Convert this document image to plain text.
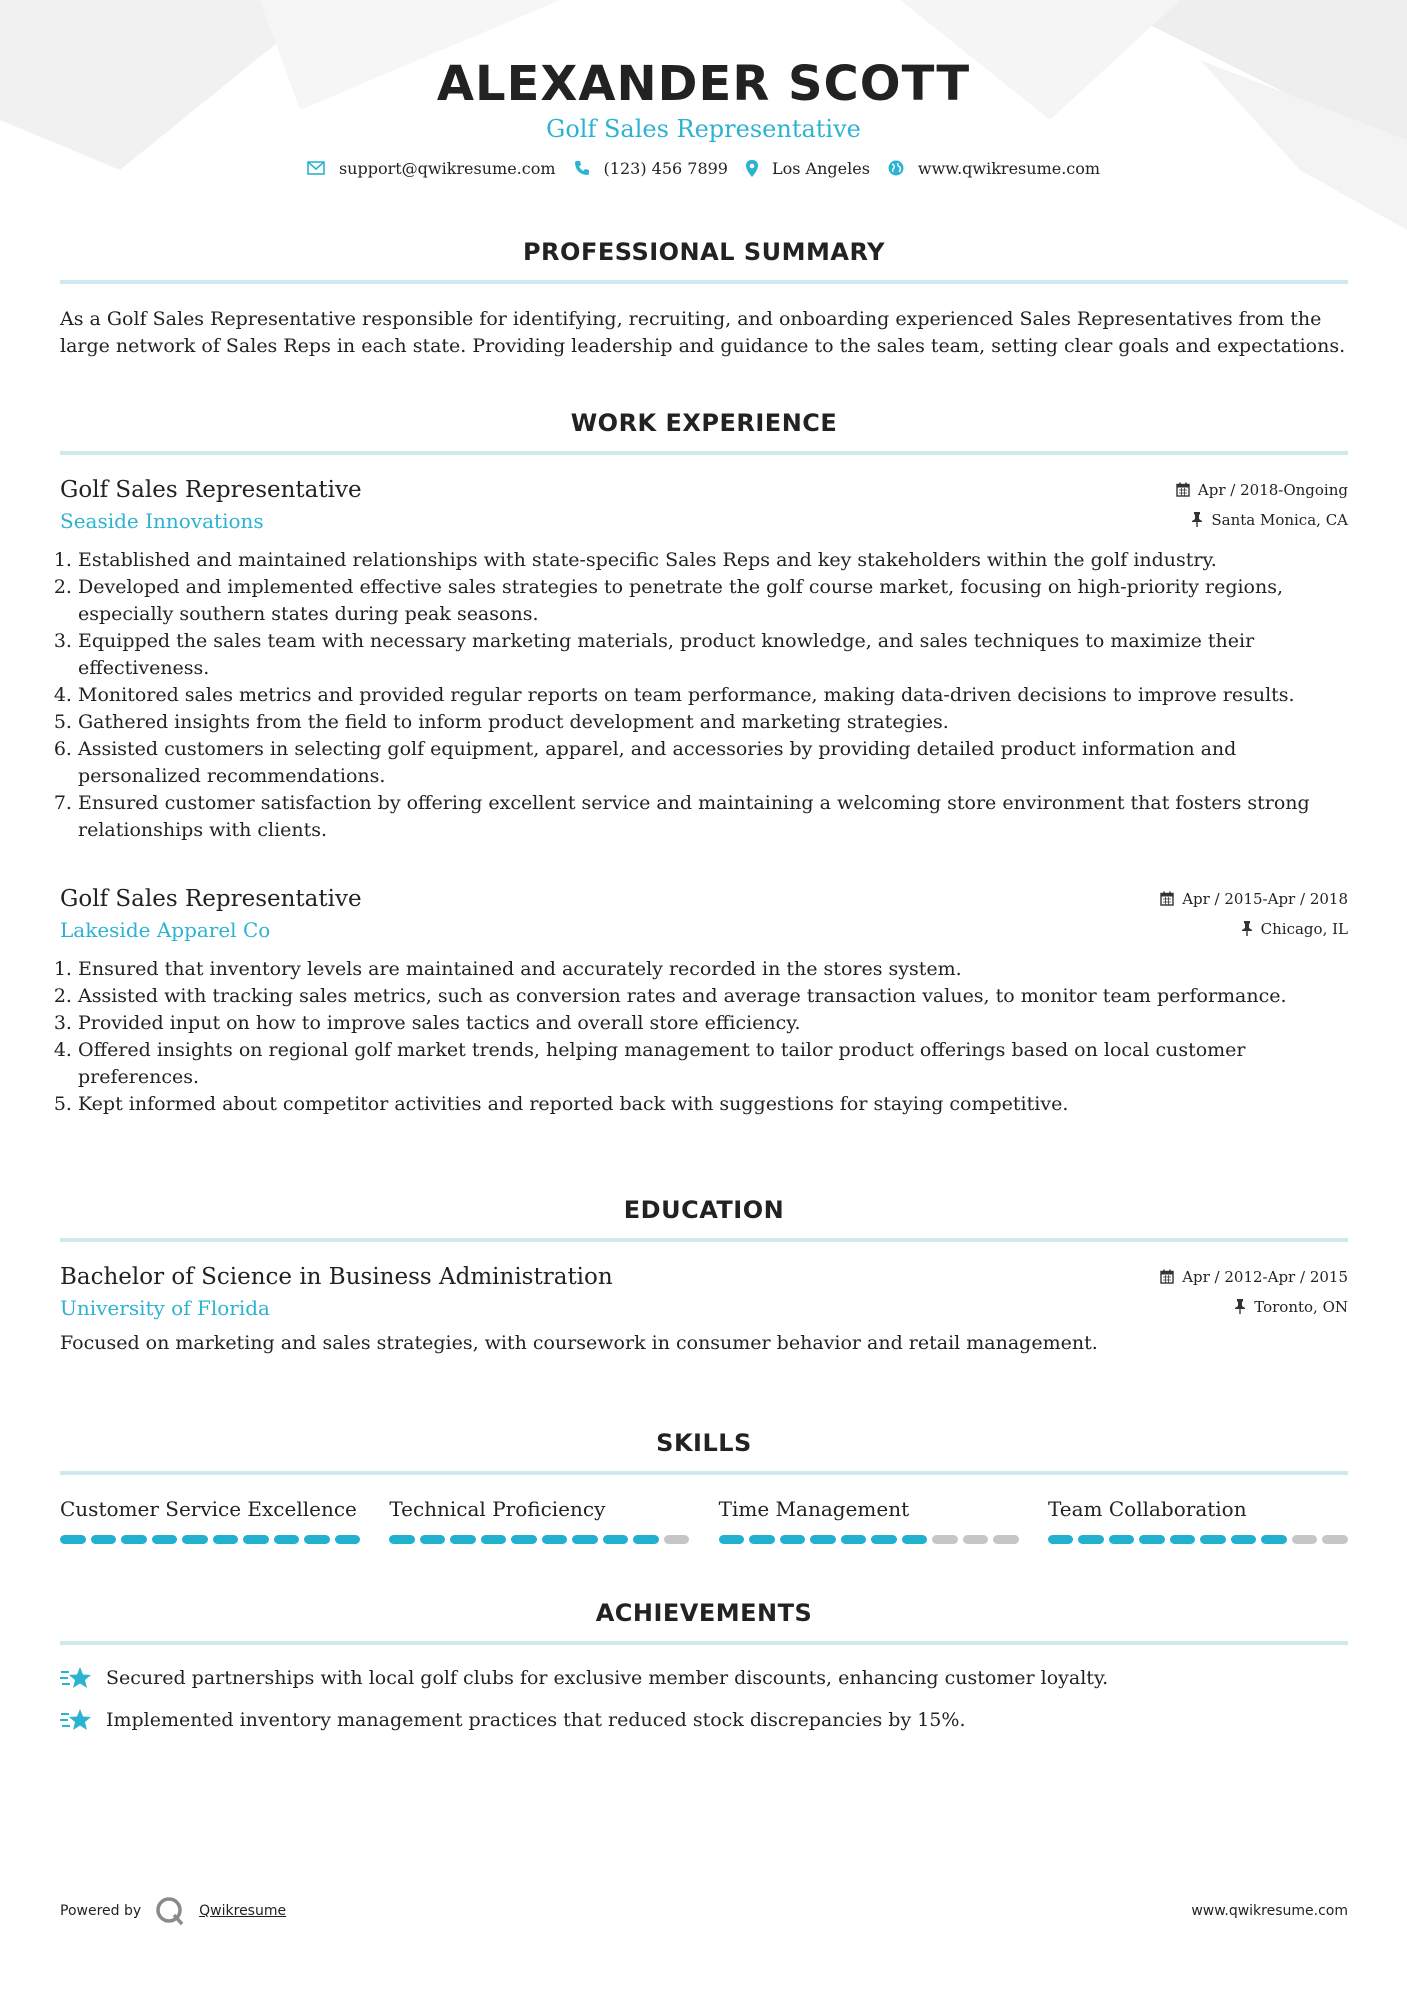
ALEXANDER SCOTT
Golf Sales Representative
support@qwikresume.com	(123) 456 7899	Los Angeles	www.qwikresume.com
PROFESSIONAL SUMMARY
As a Golf Sales Representative responsible for identifying, recruiting, and onboarding experienced Sales Representatives from the large network of Sales Reps in each state. Providing leadership and guidance to the sales team, setting clear goals and expectations.
WORK EXPERIENCE
Golf Sales Representative
Seaside Innovations
Apr / 2018-Ongoing
Santa Monica, CA
1. Established and maintained relationships with state-specific Sales Reps and key stakeholders within the golf industry.
2. Developed and implemented effective sales strategies to penetrate the golf course market, focusing on high-priority regions, especially southern states during peak seasons.
3. Equipped the sales team with necessary marketing materials, product knowledge, and sales techniques to maximize their effectiveness.
4. Monitored sales metrics and provided regular reports on team performance, making data-driven decisions to improve results.
5. Gathered insights from the field to inform product development and marketing strategies.
6. Assisted customers in selecting golf equipment, apparel, and accessories by providing detailed product information and personalized recommendations.
7. Ensured customer satisfaction by offering excellent service and maintaining a welcoming store environment that fosters strong relationships with clients.
Golf Sales Representative
Lakeside Apparel Co
Apr / 2015-Apr / 2018
Chicago, IL
1. Ensured that inventory levels are maintained and accurately recorded in the stores system.
2. Assisted with tracking sales metrics, such as conversion rates and average transaction values, to monitor team performance.
3. Provided input on how to improve sales tactics and overall store efficiency.
4. Offered insights on regional golf market trends, helping management to tailor product offerings based on local customer preferences.
5. Kept informed about competitor activities and reported back with suggestions for staying competitive.
EDUCATION
Bachelor of Science in Business Administration
University of Florida
Apr / 2012-Apr / 2015
Toronto, ON
Focused on marketing and sales strategies, with coursework in consumer behavior and retail management.
SKILLS
Customer Service Excellence Technical Proficiency	Time Management	Team Collaboration
ACHIEVEMENTS
Secured partnerships with local golf clubs for exclusive member discounts, enhancing customer loyalty.
Implemented inventory management practices that reduced stock discrepancies by 15%.
Powered by	Qwikresume	www.qwikresume.com
